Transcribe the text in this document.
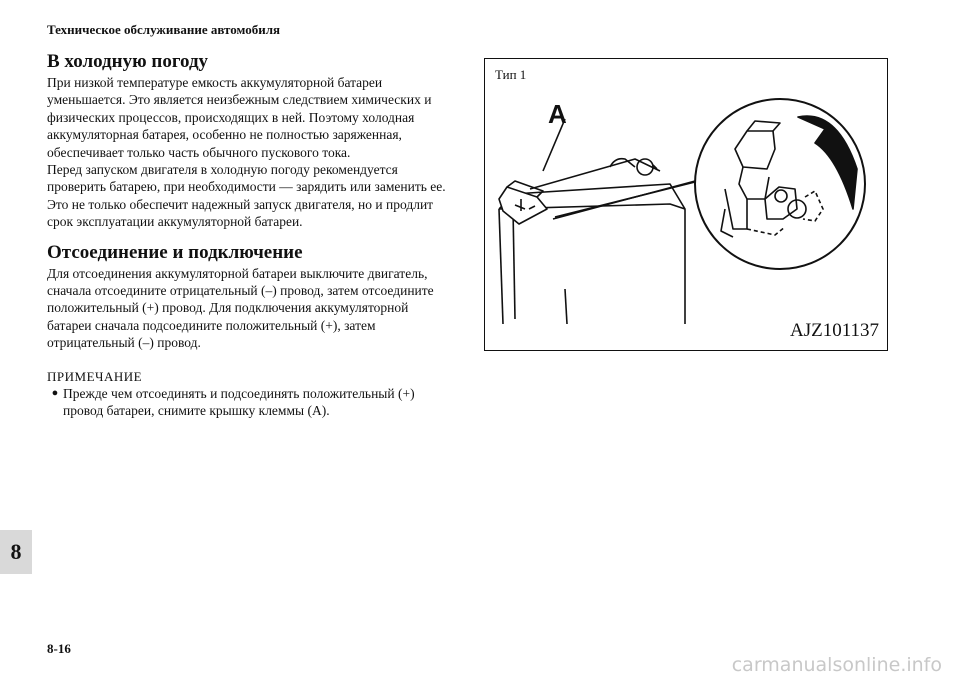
Техническое обслуживание автомобиля
В холодную погоду

При низкой температуре емкость аккумуляторной батареи

уменьшается. Это является неизбежным следствием химических и

физических процессов, происходящих в ней. Поэтому холодная

аккумуляторная батарея, особенно не полностью заряженная,

обеспечивает только часть обычного пускового тока.

Перед запуском двигателя в холодную погоду рекомендуется

проверить батарею, при необходимости — зарядить или заменить ее.

Это не только обеспечит надежный запуск двигателя, но и продлит

срок эксплуатации аккумуляторной батареи.

Отсоединение и подключение

Для отсоединения аккумуляторной батареи выключите двигатель,

сначала отсоедините отрицательный (–) провод, затем отсоедините

положительный (+) провод. Для подключения аккумуляторной

батареи сначала подсоедините положительный (+), затем

отрицательный (–) провод.

ПРИМЕЧАНИЕ
● Прежде чем отсоединять и подсоединять положительный (+)

провод батареи, снимите крышку клеммы (A).

A
Тип 1
AJZ101137
8
8-16
carmanualsonline.info
